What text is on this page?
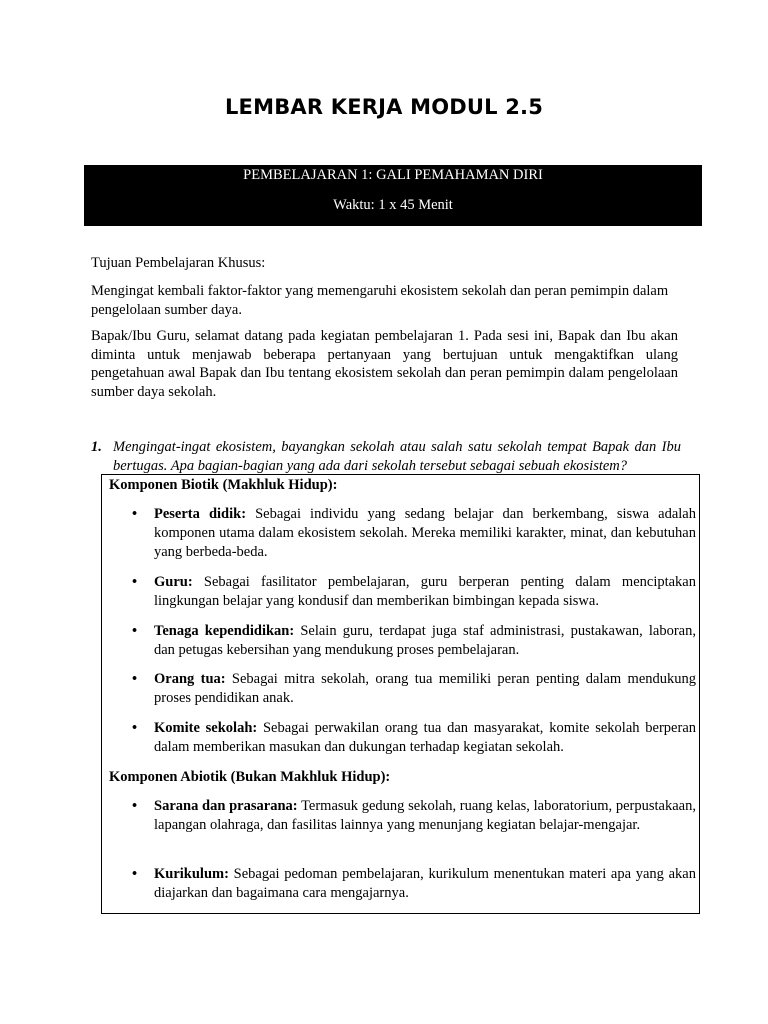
LEMBAR KERJA MODUL 2.5
PEMBELAJARAN 1: GALI PEMAHAMAN DIRI
Waktu: 1 x 45 Menit
Tujuan Pembelajaran Khusus:
Mengingat kembali faktor-faktor yang memengaruhi ekosistem sekolah dan peran pemimpin dalam pengelolaan sumber daya.
Bapak/Ibu Guru, selamat datang pada kegiatan pembelajaran 1. Pada sesi ini, Bapak dan Ibu akan diminta untuk menjawab beberapa pertanyaan yang bertujuan untuk mengaktifkan ulang pengetahuan awal Bapak dan Ibu tentang ekosistem sekolah dan peran pemimpin dalam pengelolaan sumber daya sekolah.
1. Mengingat-ingat ekosistem, bayangkan sekolah atau salah satu sekolah tempat Bapak dan Ibu bertugas. Apa bagian-bagian yang ada dari sekolah tersebut sebagai sebuah ekosistem?
Komponen Biotik (Makhluk Hidup):
• Peserta didik: Sebagai individu yang sedang belajar dan berkembang, siswa adalah komponen utama dalam ekosistem sekolah. Mereka memiliki karakter, minat, dan kebutuhan yang berbeda-beda.
• Guru: Sebagai fasilitator pembelajaran, guru berperan penting dalam menciptakan lingkungan belajar yang kondusif dan memberikan bimbingan kepada siswa.
• Tenaga kependidikan: Selain guru, terdapat juga staf administrasi, pustakawan, laboran, dan petugas kebersihan yang mendukung proses pembelajaran.
• Orang tua: Sebagai mitra sekolah, orang tua memiliki peran penting dalam mendukung proses pendidikan anak.
• Komite sekolah: Sebagai perwakilan orang tua dan masyarakat, komite sekolah berperan dalam memberikan masukan dan dukungan terhadap kegiatan sekolah.
Komponen Abiotik (Bukan Makhluk Hidup):
• Sarana dan prasarana: Termasuk gedung sekolah, ruang kelas, laboratorium, perpustakaan, lapangan olahraga, dan fasilitas lainnya yang menunjang kegiatan belajar-mengajar.
• Kurikulum: Sebagai pedoman pembelajaran, kurikulum menentukan materi apa yang akan diajarkan dan bagaimana cara mengajarnya.
